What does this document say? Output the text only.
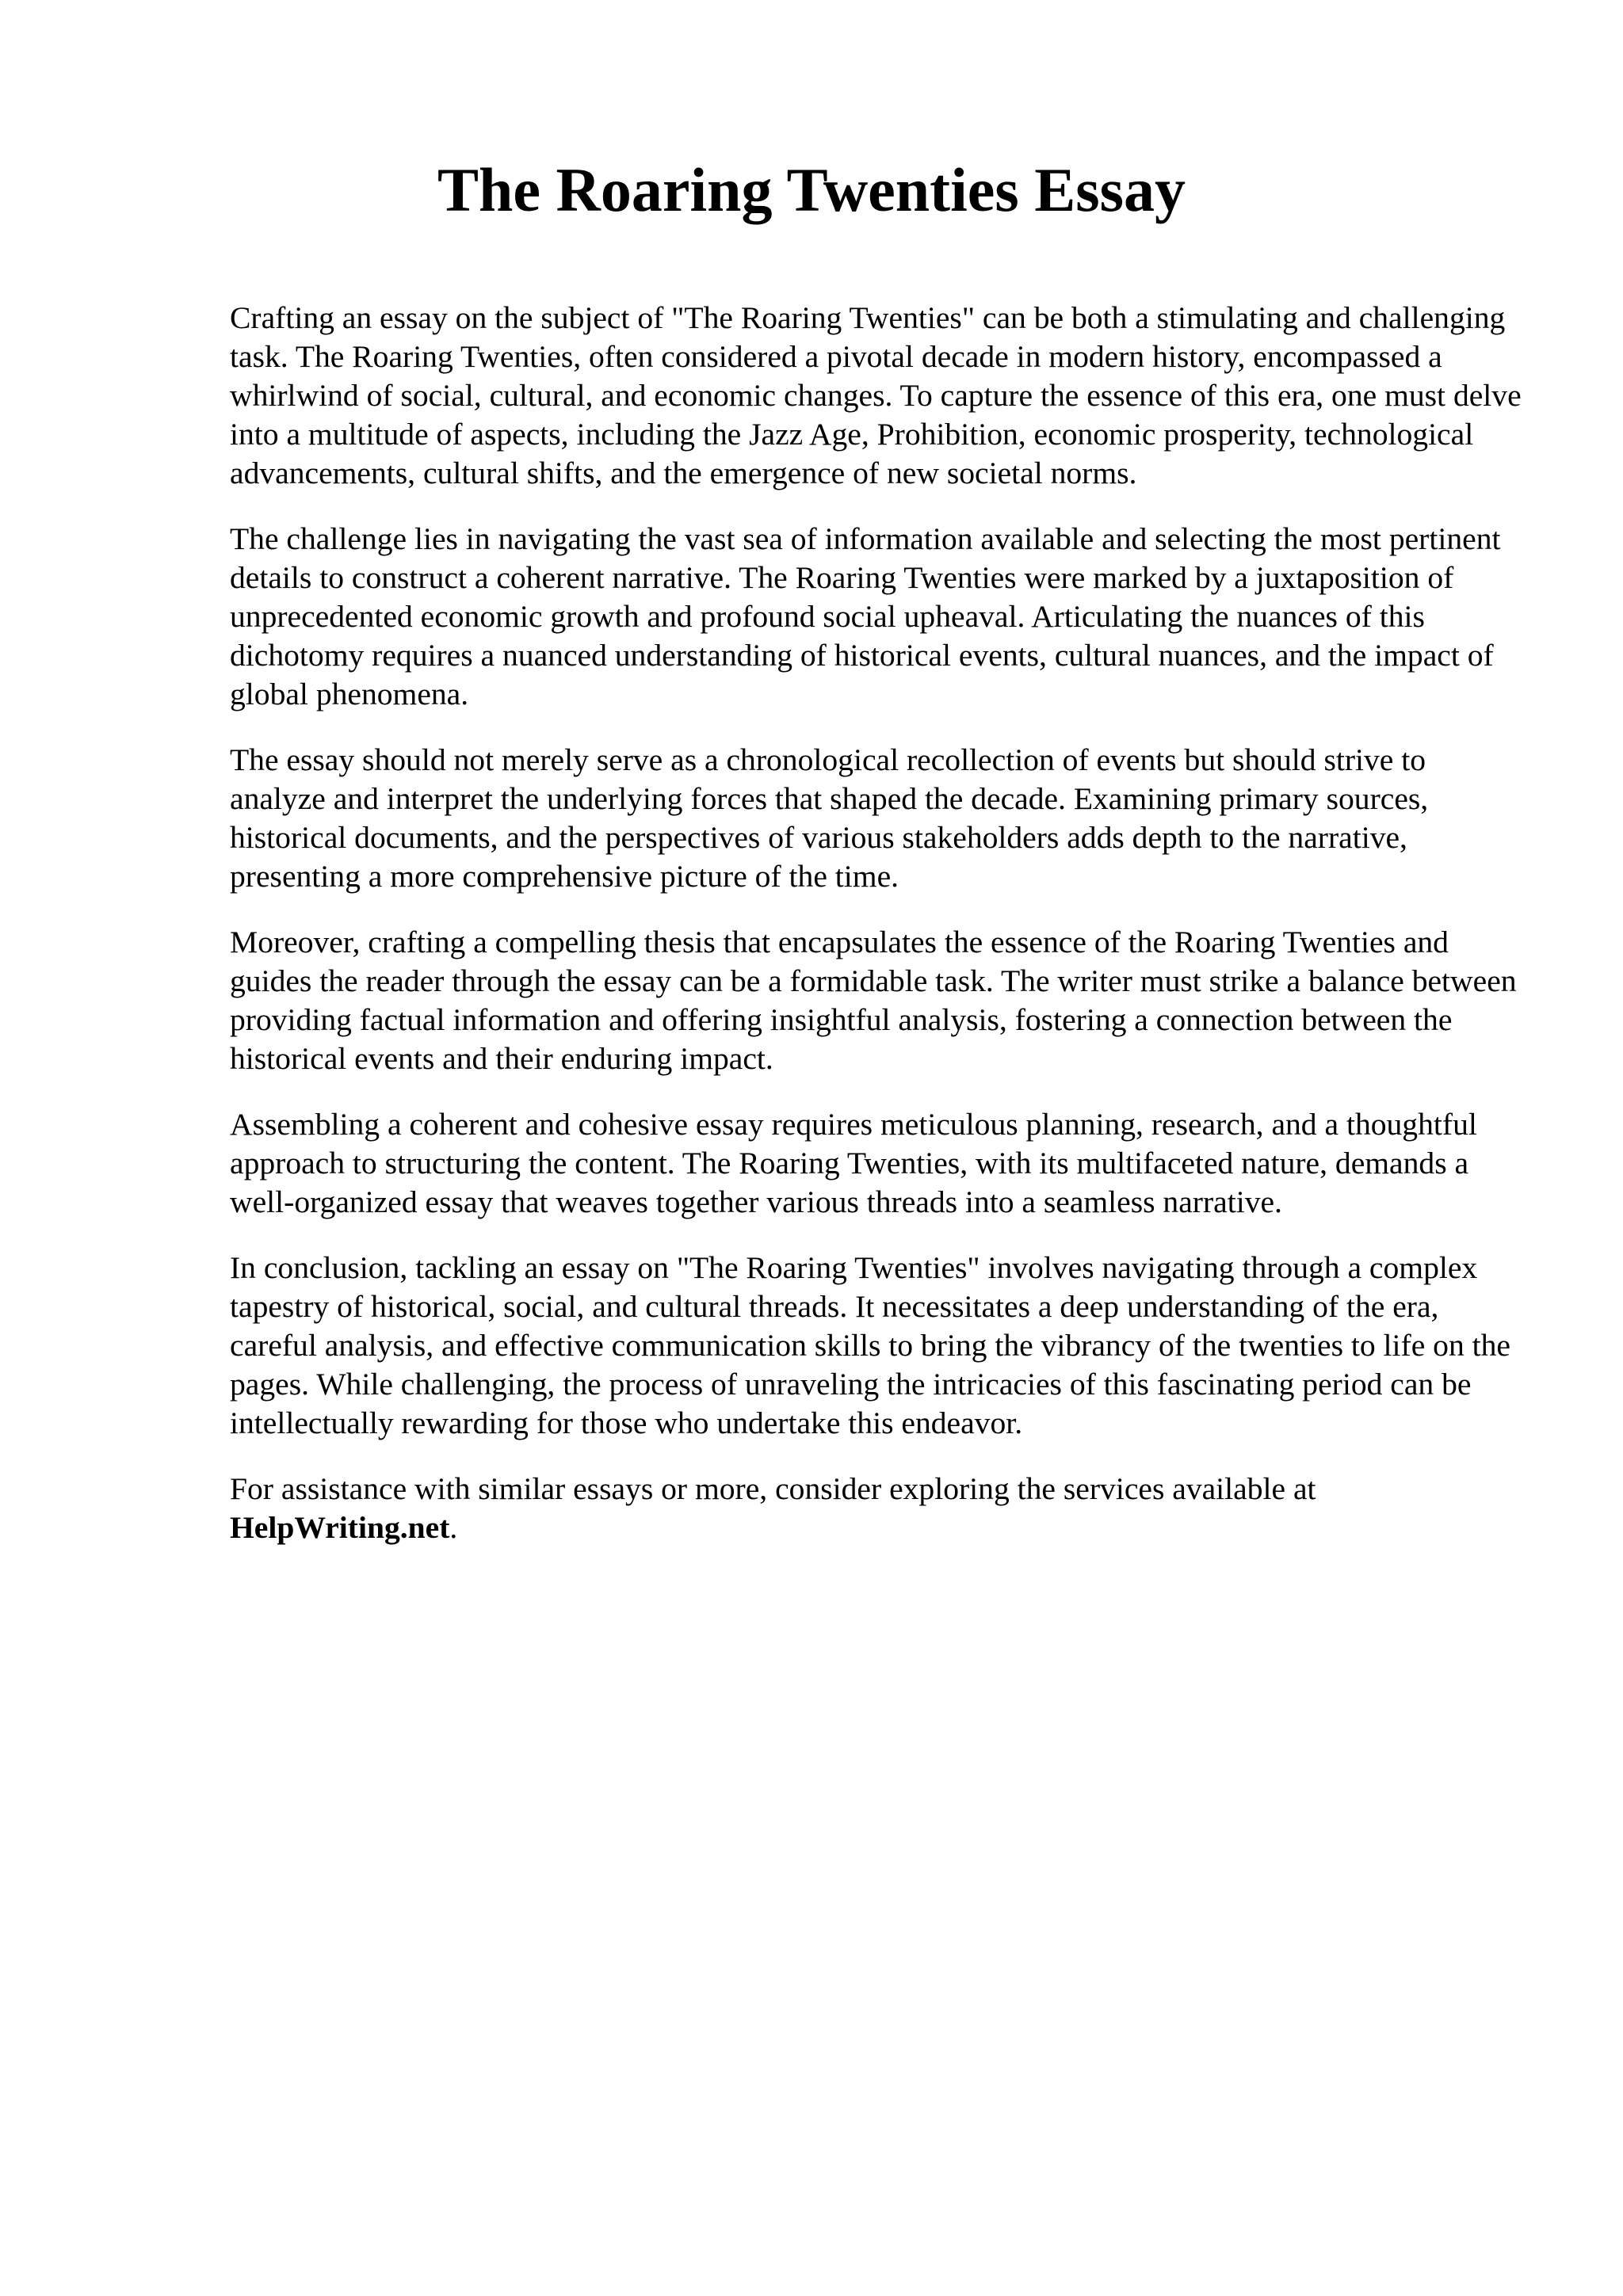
The Roaring Twenties Essay

Crafting an essay on the subject of "The Roaring Twenties" can be both a stimulating and challenging task. The Roaring Twenties, often considered a pivotal decade in modern history, encompassed a whirlwind of social, cultural, and economic changes. To capture the essence of this era, one must delve into a multitude of aspects, including the Jazz Age, Prohibition, economic prosperity, technological advancements, cultural shifts, and the emergence of new societal norms.

The challenge lies in navigating the vast sea of information available and selecting the most pertinent details to construct a coherent narrative. The Roaring Twenties were marked by a juxtaposition of unprecedented economic growth and profound social upheaval. Articulating the nuances of this dichotomy requires a nuanced understanding of historical events, cultural nuances, and the impact of global phenomena.

The essay should not merely serve as a chronological recollection of events but should strive to analyze and interpret the underlying forces that shaped the decade. Examining primary sources, historical documents, and the perspectives of various stakeholders adds depth to the narrative, presenting a more comprehensive picture of the time.

Moreover, crafting a compelling thesis that encapsulates the essence of the Roaring Twenties and guides the reader through the essay can be a formidable task. The writer must strike a balance between providing factual information and offering insightful analysis, fostering a connection between the historical events and their enduring impact.

Assembling a coherent and cohesive essay requires meticulous planning, research, and a thoughtful approach to structuring the content. The Roaring Twenties, with its multifaceted nature, demands a well-organized essay that weaves together various threads into a seamless narrative.

In conclusion, tackling an essay on "The Roaring Twenties" involves navigating through a complex tapestry of historical, social, and cultural threads. It necessitates a deep understanding of the era, careful analysis, and effective communication skills to bring the vibrancy of the twenties to life on the pages. While challenging, the process of unraveling the intricacies of this fascinating period can be intellectually rewarding for those who undertake this endeavor.

For assistance with similar essays or more, consider exploring the services available at HelpWriting.net.
